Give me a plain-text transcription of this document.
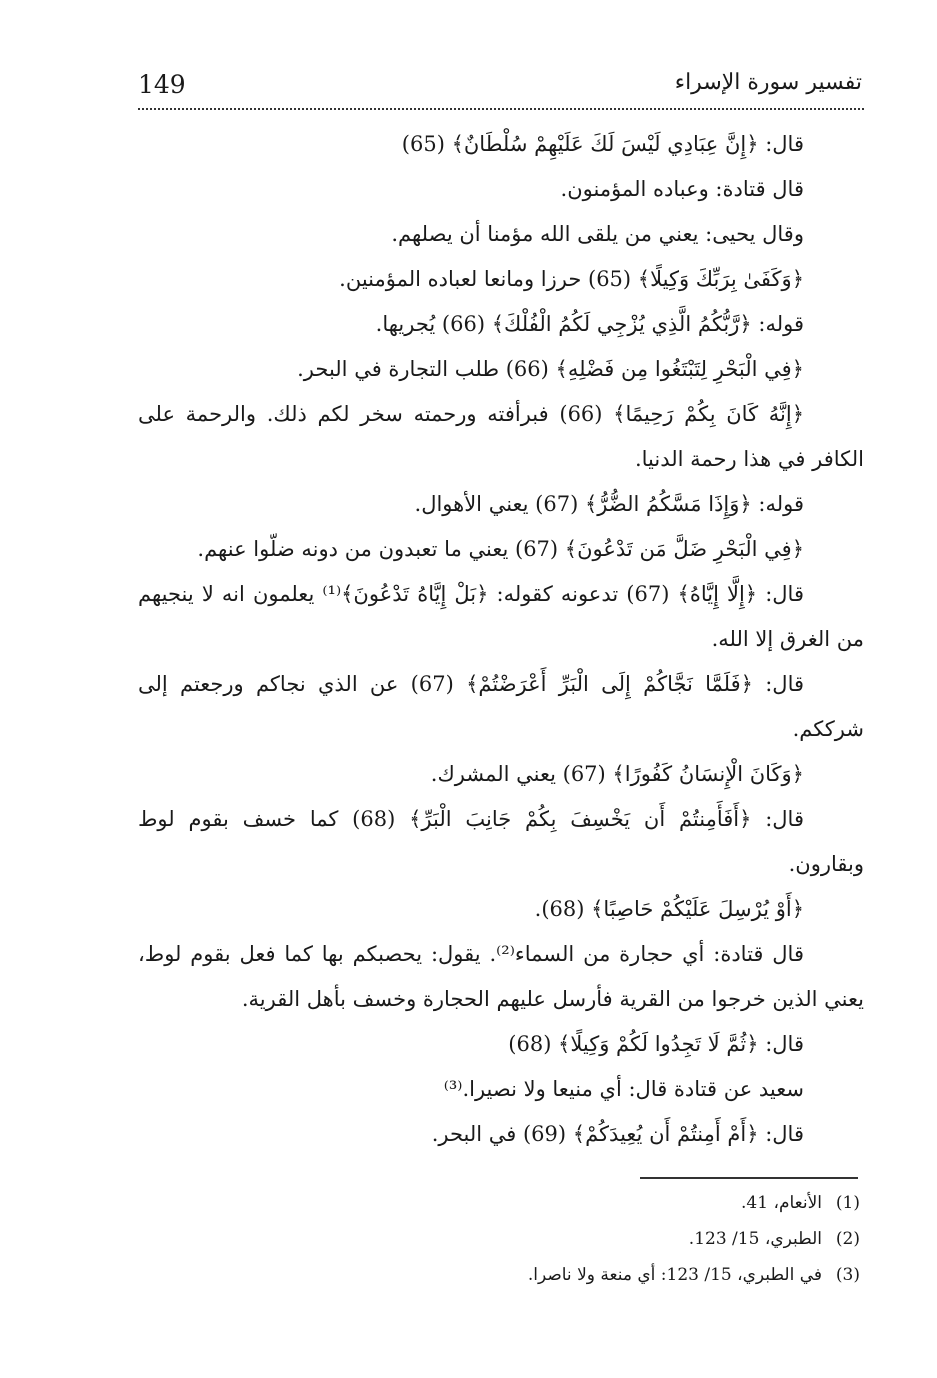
149	تفسير سورة الإسراء

قال: ﴿إِنَّ عِبَادِي لَيْسَ لَكَ عَلَيْهِمْ سُلْطَانٌ﴾ (65)

قال قتادة: وعباده المؤمنون.

وقال يحيى: يعني من يلقى الله مؤمنا أن يصلهم.

﴿وَكَفَىٰ بِرَبِّكَ وَكِيلًا﴾ (65) حرزا ومانعا لعباده المؤمنين.

قوله: ﴿رَّبُّكُمُ الَّذِي يُزْجِي لَكُمُ الْفُلْكَ﴾ (66) يُجريها.

﴿فِي الْبَحْرِ لِتَبْتَغُوا مِن فَضْلِهِ﴾ (66) طلب التجارة في البحر.

﴿إِنَّهُ كَانَ بِكُمْ رَحِيمًا﴾ (66) فبرأفته ورحمته سخر لكم ذلك. والرحمة على الكافر في هذا رحمة الدنيا.

قوله: ﴿وَإِذَا مَسَّكُمُ الضُّرُّ﴾ (67) يعني الأهوال.

﴿فِي الْبَحْرِ ضَلَّ مَن تَدْعُونَ﴾ (67) يعني ما تعبدون من دونه ضلّوا عنهم.

قال: ﴿إِلَّا إِيَّاهُ﴾ (67) تدعونه كقوله: ﴿بَلْ إِيَّاهُ تَدْعُونَ﴾⁽¹⁾ يعلمون انه لا ينجيهم من الغرق إلا الله.

قال: ﴿فَلَمَّا نَجَّاكُمْ إِلَى الْبَرِّ أَعْرَضْتُمْ﴾ (67) عن الذي نجاكم ورجعتم إلى شرككم.

﴿وَكَانَ الْإِنسَانُ كَفُورًا﴾ (67) يعني المشرك.

قال: ﴿أَفَأَمِنتُمْ أَن يَخْسِفَ بِكُمْ جَانِبَ الْبَرِّ﴾ (68) كما خسف بقوم لوط وبقارون.

﴿أَوْ يُرْسِلَ عَلَيْكُمْ حَاصِبًا﴾ (68).

قال قتادة: أي حجارة من السماء⁽²⁾. يقول: يحصبكم بها كما فعل بقوم لوط، يعني الذين خرجوا من القرية فأرسل عليهم الحجارة وخسف بأهل القرية.

قال: ﴿ثُمَّ لَا تَجِدُوا لَكُمْ وَكِيلًا﴾ (68)

سعيد عن قتادة قال: أي منيعا ولا نصيرا.⁽³⁾

قال: ﴿أَمْ أَمِنتُمْ أَن يُعِيدَكُمْ﴾ (69) في البحر.

(1)الأنعام، 41.

(2)الطبري، 15/ 123.

(3)في الطبري، 15/ 123: أي منعة ولا ناصرا.
